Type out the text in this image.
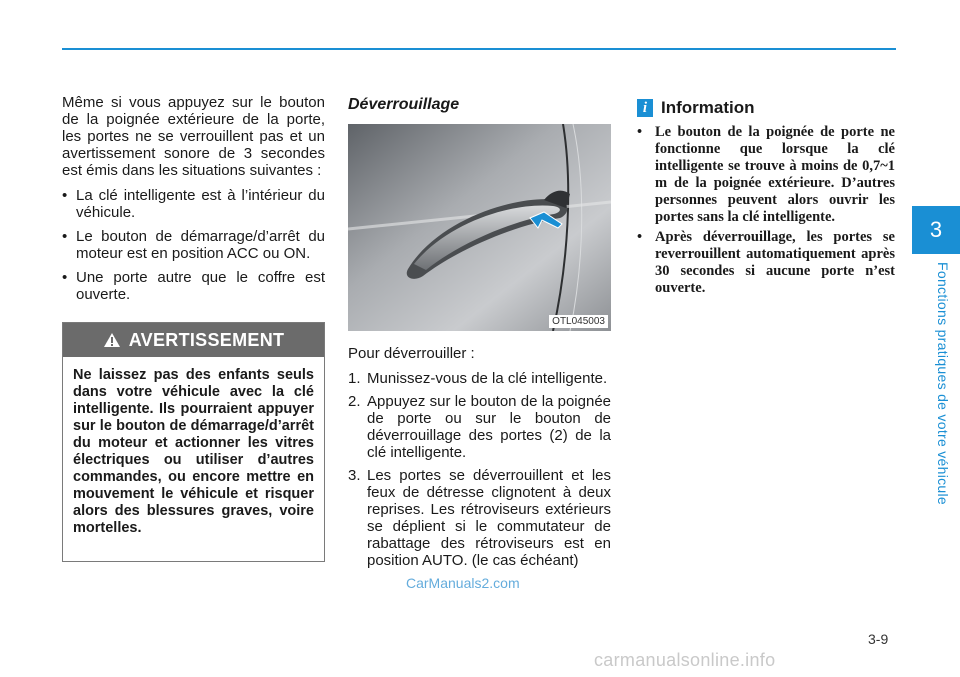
Même si vous appuyez sur le bouton de la poignée extérieure de la porte, les portes ne se verrouillent pas et un avertissement sonore de 3 secondes est émis dans les situations suivantes :

• La clé intelligente est à l’intérieur du véhicule.
• Le bouton de démarrage/d’arrêt du moteur est en position ACC ou ON.
• Une porte autre que le coffre est ouverte.
AVERTISSEMENT
Ne laissez pas des enfants seuls dans votre véhicule avec la clé intelligente. Ils pourraient appuyer sur le bouton de démarrage/d’arrêt du moteur et actionner les vitres électriques ou utiliser d’autres commandes, ou encore mettre en mouvement le véhicule et risquer alors des blessures graves, voire mortelles.
Déverrouillage
OTL045003

Pour déverrouiller :

1. Munissez-vous de la clé intelligente.
2. Appuyez sur le bouton de la poignée de porte ou sur le bouton de déverrouillage des portes (2) de la clé intelligente.
3. Les portes se déverrouillent et les feux de détresse clignotent à deux reprises. Les rétroviseurs extérieurs se déplient si le commutateur de rabattage des rétroviseurs est en position AUTO. (le cas échéant)
CarManuals2.com
i Information
• Le bouton de la poignée de porte ne fonctionne que lorsque la clé intelligente se trouve à moins de 0,7~1 m de la poignée extérieure. D’autres personnes peuvent alors ouvrir les portes sans la clé intelligente.
• Après déverrouillage, les portes se reverrouillent automatiquement après 30 secondes si aucune porte n’est ouverte.
3
Fonctions pratiques de votre véhicule
3-9
carmanualsonline.info
